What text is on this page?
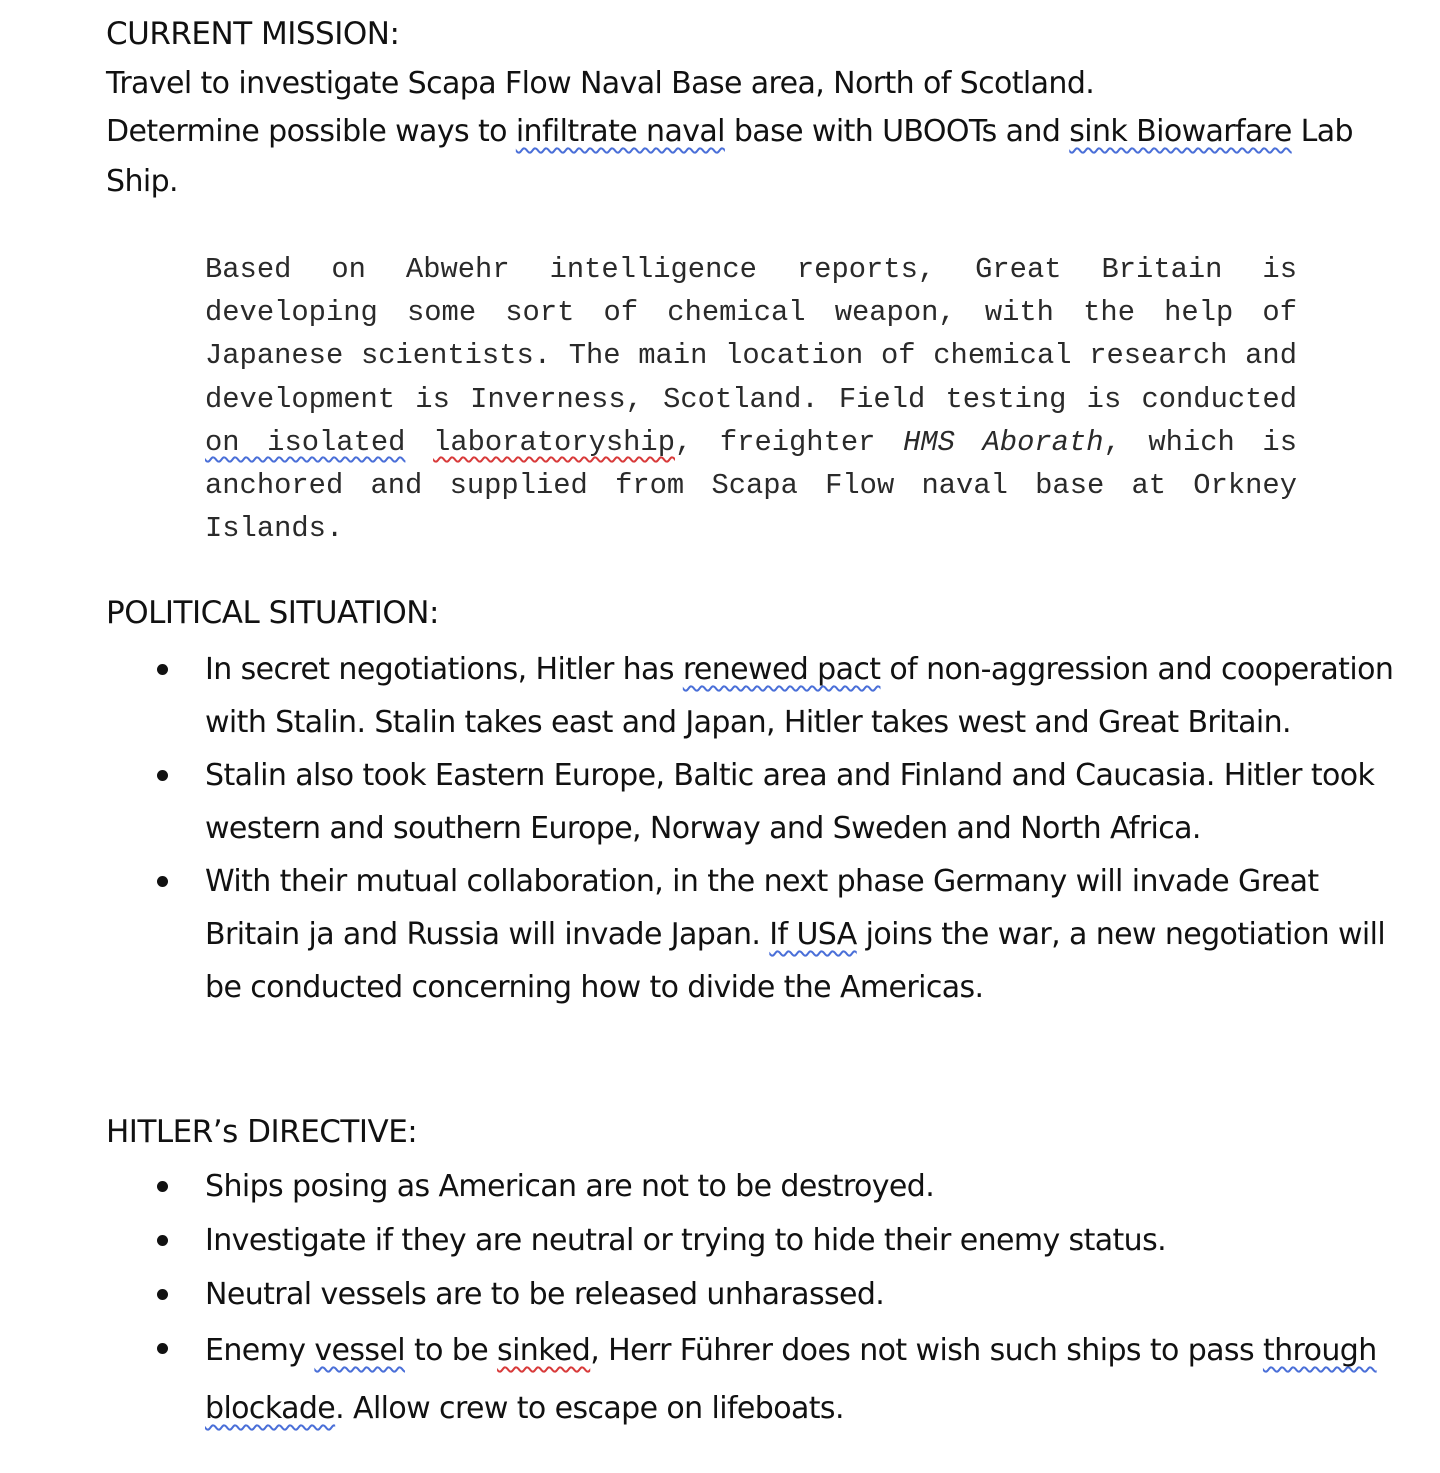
CURRENT MISSION:
Travel to investigate Scapa Flow Naval Base area, North of Scotland.
Determine possible ways to infiltrate naval base with UBOOTs and sink Biowarfare Lab
Ship.

Based on Abwehr intelligence reports, Great Britain is developing some sort of chemical weapon, with the help of Japanese scientists. The main location of chemical research and development is Inverness, Scotland. Field testing is conducted on isolated laboratoryship, freighter HMS Aborath, which is anchored and supplied from Scapa Flow naval base at Orkney Islands.

POLITICAL SITUATION:
In secret negotiations, Hitler has renewed pact of non-aggression and cooperation with Stalin. Stalin takes east and Japan, Hitler takes west and Great Britain.
Stalin also took Eastern Europe, Baltic area and Finland and Caucasia. Hitler took western and southern Europe, Norway and Sweden and North Africa.
With their mutual collaboration, in the next phase Germany will invade Great Britain ja and Russia will invade Japan. If USA joins the war, a new negotiation will be conducted concerning how to divide the Americas.
HITLER’s DIRECTIVE:
Ships posing as American are not to be destroyed.
Investigate if they are neutral or trying to hide their enemy status.
Neutral vessels are to be released unharassed.
Enemy vessel to be sinked, Herr Führer does not wish such ships to pass through blockade. Allow crew to escape on lifeboats.
